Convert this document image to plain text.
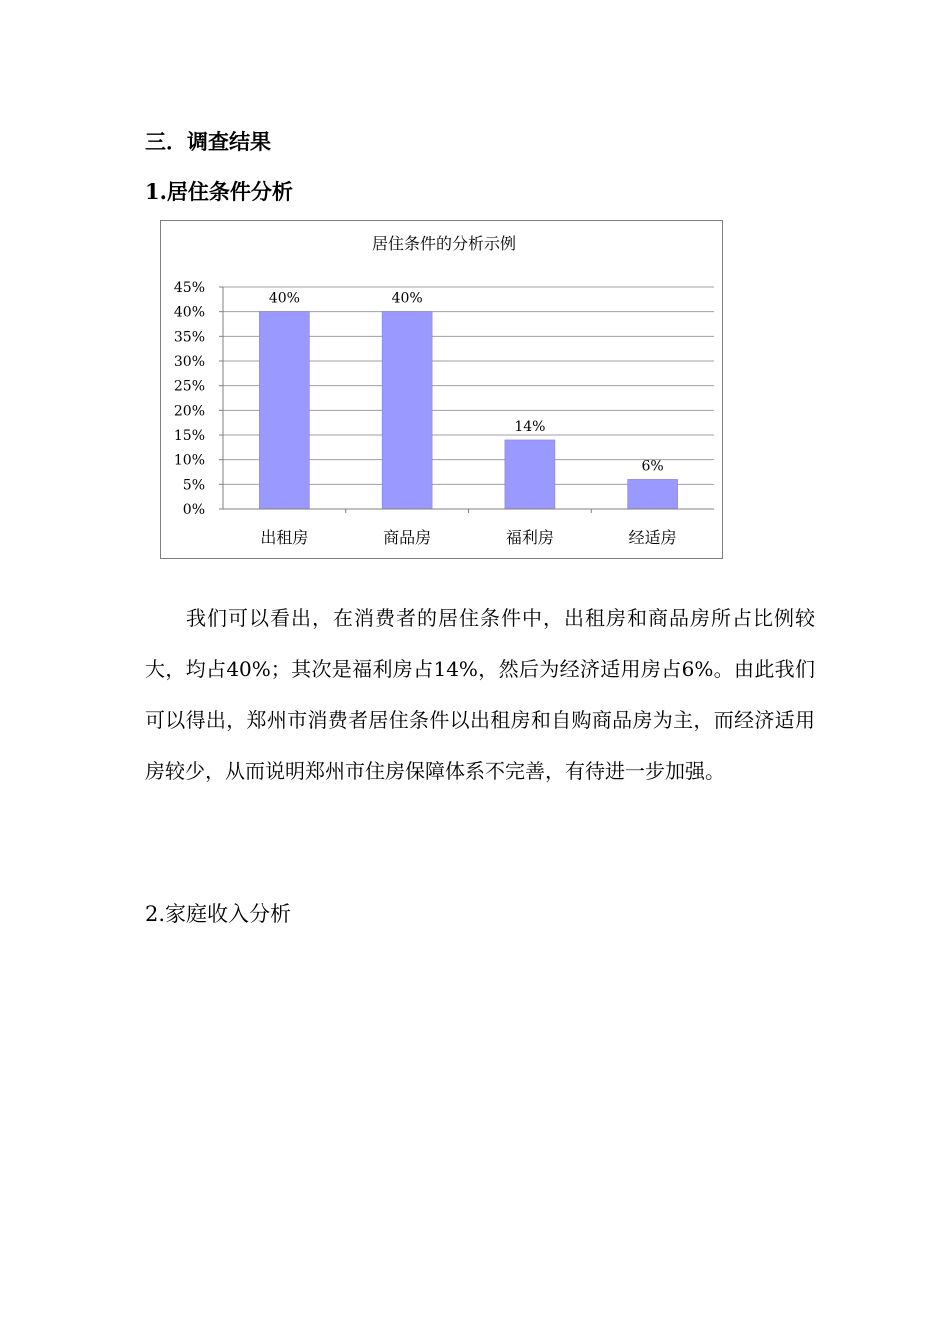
三．调查结果
1.居住条件分析
居住条件的分析示例
0%
5%
10%
15%
20%
25%
30%
35%
40%
45%
40%	40%
14%
6%
出租房	商品房	福利房	经适房

我们可以看出，在消费者的居住条件中，出租房和商品房所占比例较大，均占40%；其次是福利房占14%，然后为经济适用房占6%。由此我们可以得出，郑州市消费者居住条件以出租房和自购商品房为主，而经济适用房较少，从而说明郑州市住房保障体系不完善，有待进一步加强。

2.家庭收入分析
